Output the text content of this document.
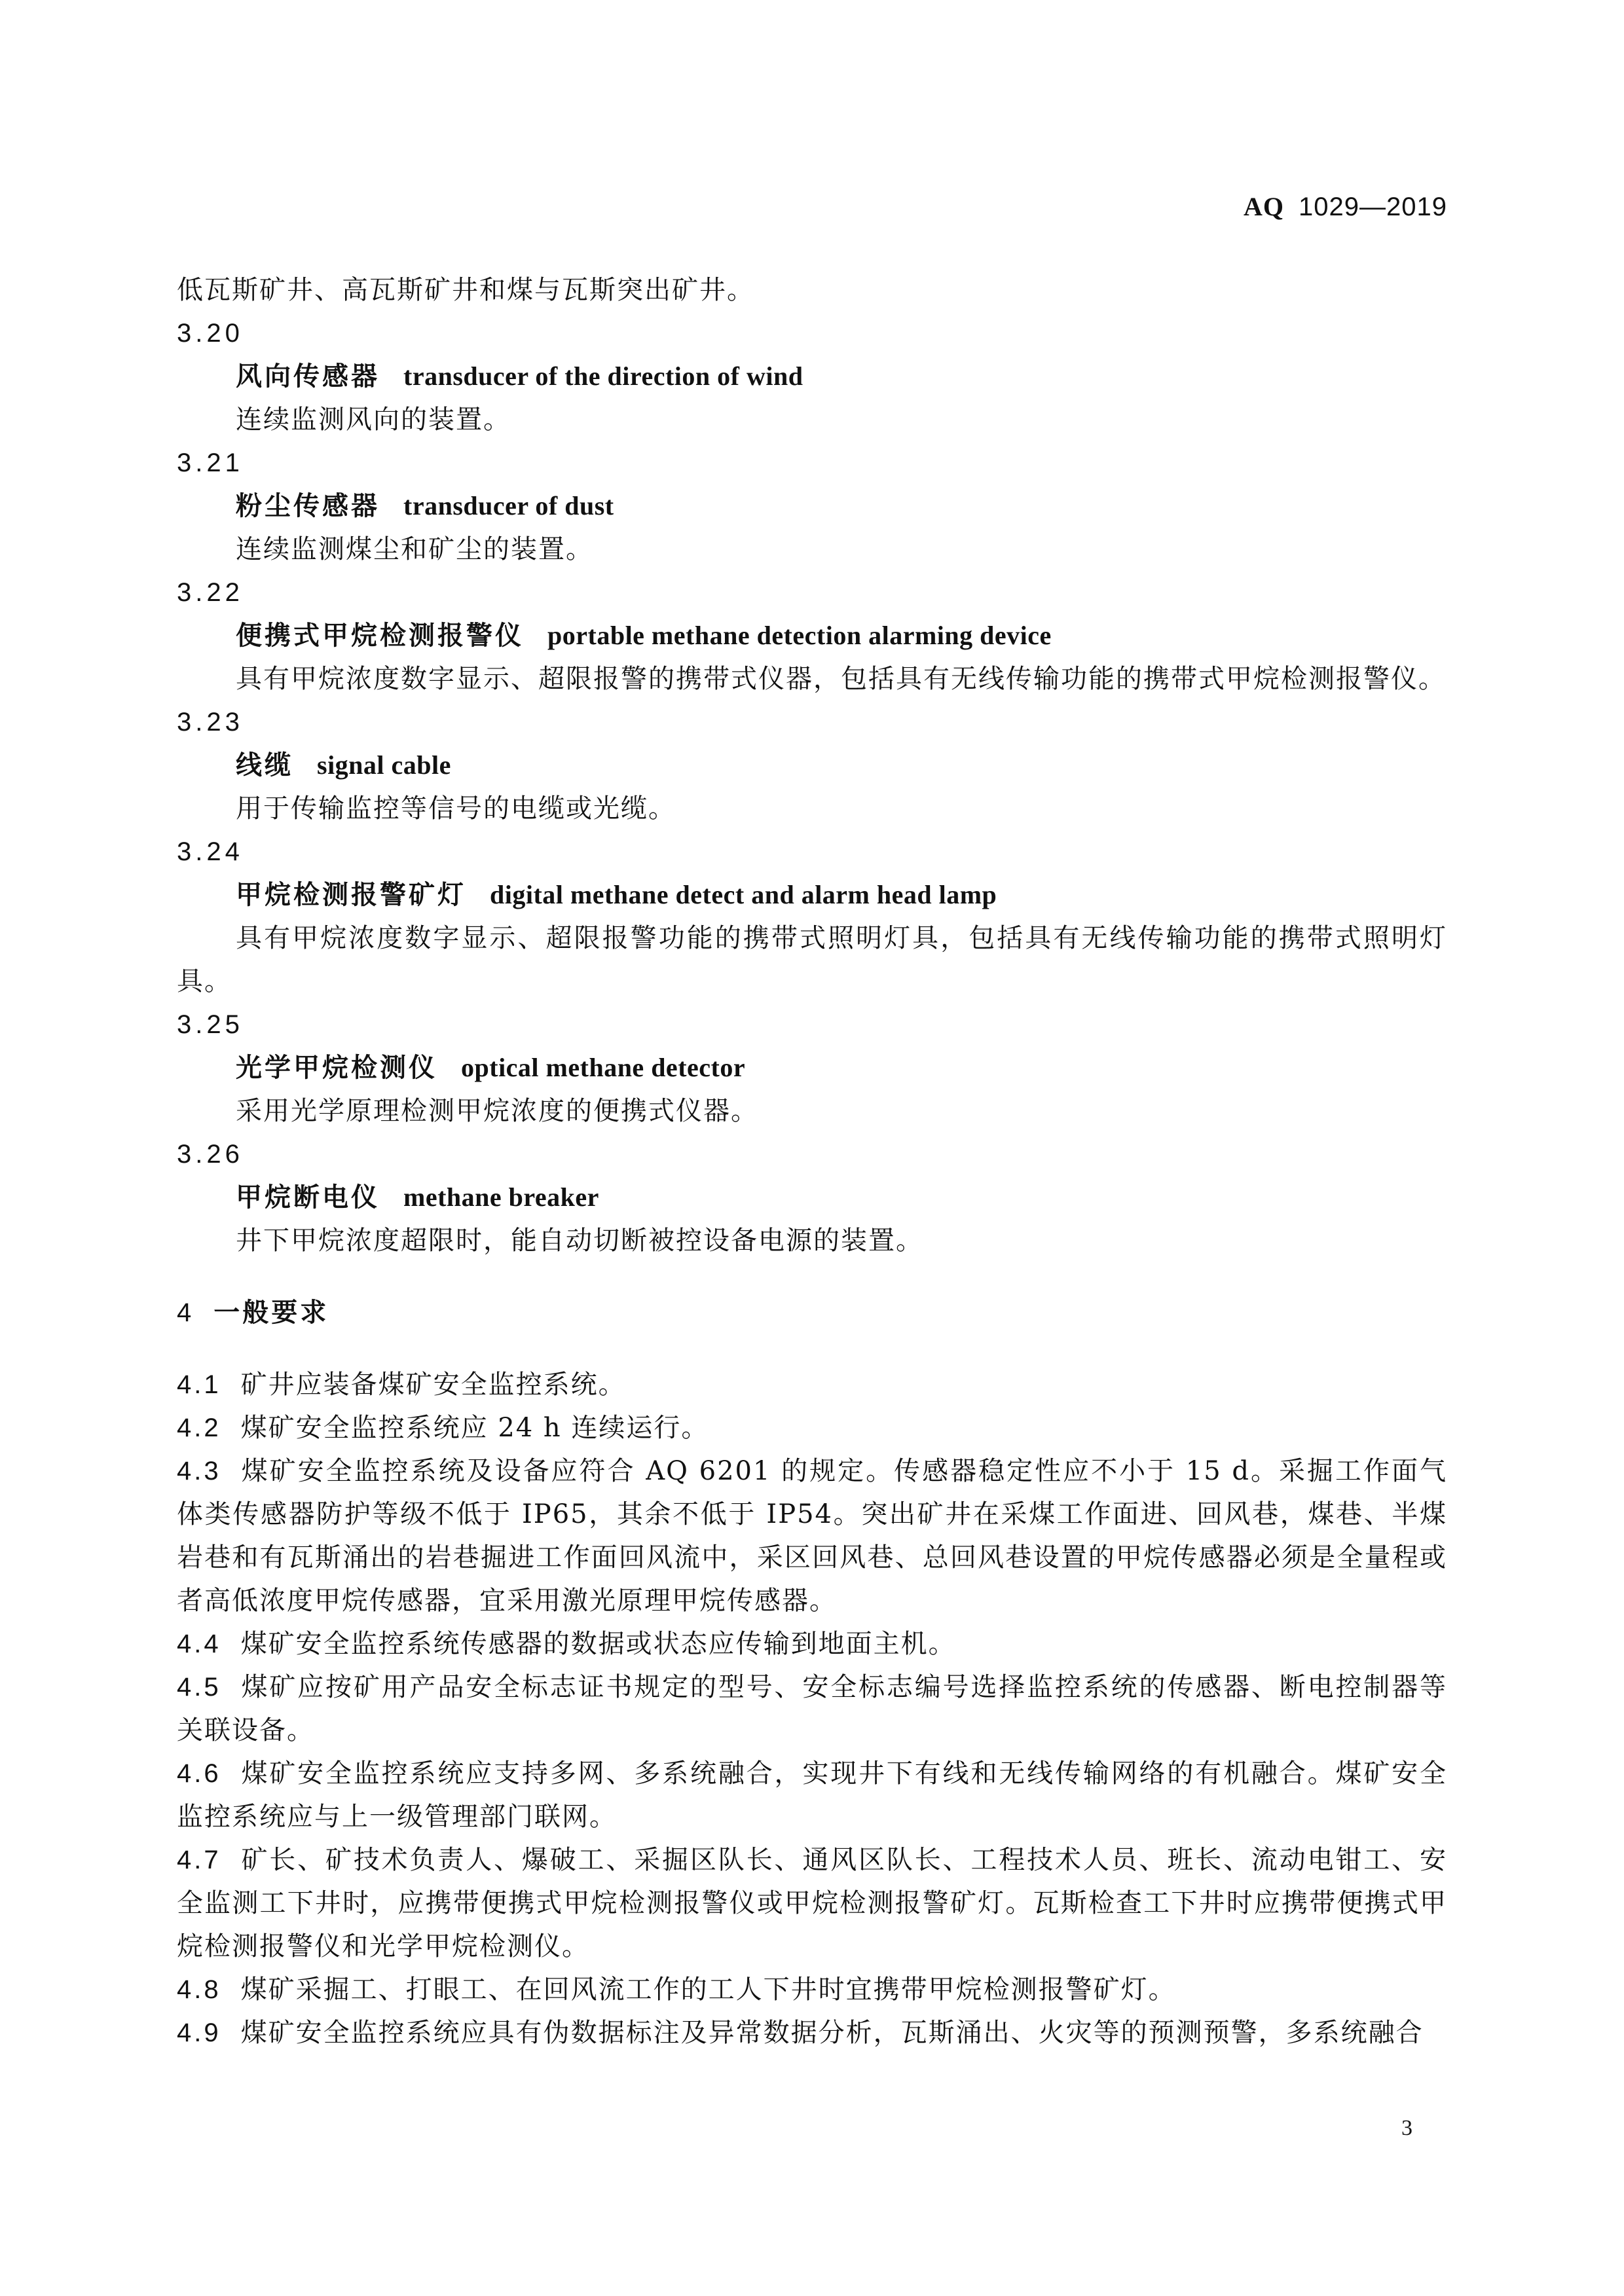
AQ 1029—2019
低瓦斯矿井、高瓦斯矿井和煤与瓦斯突出矿井。
3.20
风向传感器 transducer of the direction of wind
连续监测风向的装置。
3.21
粉尘传感器 transducer of dust
连续监测煤尘和矿尘的装置。
3.22
便携式甲烷检测报警仪 portable methane detection alarming device
具有甲烷浓度数字显示、超限报警的携带式仪器，包括具有无线传输功能的携带式甲烷检测报警仪。
3.23
线缆 signal cable
用于传输监控等信号的电缆或光缆。
3.24
甲烷检测报警矿灯 digital methane detect and alarm head lamp
具有甲烷浓度数字显示、超限报警功能的携带式照明灯具，包括具有无线传输功能的携带式照明灯具。
3.25
光学甲烷检测仪 optical methane detector
采用光学原理检测甲烷浓度的便携式仪器。
3.26
甲烷断电仪 methane breaker
井下甲烷浓度超限时，能自动切断被控设备电源的装置。
4 一般要求
4.1 矿井应装备煤矿安全监控系统。
4.2 煤矿安全监控系统应 24 h 连续运行。
4.3 煤矿安全监控系统及设备应符合 AQ 6201 的规定。传感器稳定性应不小于 15 d。采掘工作面气体类传感器防护等级不低于 IP65，其余不低于 IP54。突出矿井在采煤工作面进、回风巷，煤巷、半煤岩巷和有瓦斯涌出的岩巷掘进工作面回风流中，采区回风巷、总回风巷设置的甲烷传感器必须是全量程或者高低浓度甲烷传感器，宜采用激光原理甲烷传感器。
4.4 煤矿安全监控系统传感器的数据或状态应传输到地面主机。
4.5 煤矿应按矿用产品安全标志证书规定的型号、安全标志编号选择监控系统的传感器、断电控制器等关联设备。
4.6 煤矿安全监控系统应支持多网、多系统融合，实现井下有线和无线传输网络的有机融合。煤矿安全监控系统应与上一级管理部门联网。
4.7 矿长、矿技术负责人、爆破工、采掘区队长、通风区队长、工程技术人员、班长、流动电钳工、安全监测工下井时，应携带便携式甲烷检测报警仪或甲烷检测报警矿灯。瓦斯检查工下井时应携带便携式甲烷检测报警仪和光学甲烷检测仪。
4.8 煤矿采掘工、打眼工、在回风流工作的工人下井时宜携带甲烷检测报警矿灯。
4.9 煤矿安全监控系统应具有伪数据标注及异常数据分析，瓦斯涌出、火灾等的预测预警，多系统融合
3
